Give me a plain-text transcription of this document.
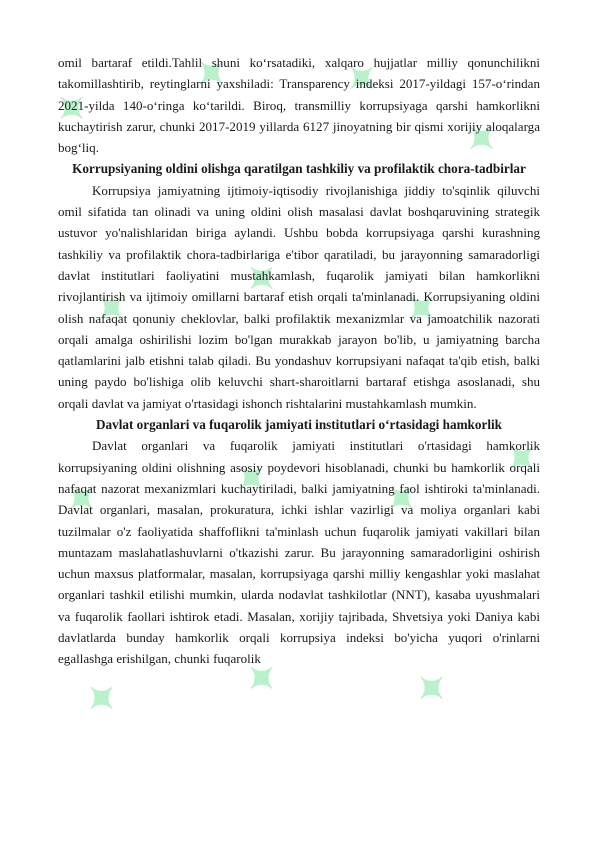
✦
✦ ✦
✦
✦
✦
✦
✦	✦ ✦
✦
✦	✦	✦

omil bartaraf etildi.Tahlil shuni ko‘rsatadiki, xalqaro hujjatlar milliy qonunchilikni takomillashtirib, reytinglarni yaxshiladi: Transparency indeksi 2017-yildagi 157-o‘rindan 2021-yilda 140-o‘ringa ko‘tarildi. Biroq, transmilliy korrupsiyaga qarshi hamkorlikni kuchaytirish zarur, chunki 2017-2019 yillarda 6127 jinoyatning bir qismi xorijiy aloqalarga bog‘liq.

Korrupsiyaning oldini olishga qaratilgan tashkiliy va profilaktik chora-tadbirlar

Korrupsiya jamiyatning ijtimoiy-iqtisodiy rivojlanishiga jiddiy to'sqinlik qiluvchi omil sifatida tan olinadi va uning oldini olish masalasi davlat boshqaruvining strategik ustuvor yo'nalishlaridan biriga aylandi. Ushbu bobda korrupsiyaga qarshi kurashning tashkiliy va profilaktik chora-tadbirlariga e'tibor qaratiladi, bu jarayonning samaradorligi davlat institutlari faoliyatini mustahkamlash, fuqarolik jamiyati bilan hamkorlikni rivojlantirish va ijtimoiy omillarni bartaraf etish orqali ta'minlanadi. Korrupsiyaning oldini olish nafaqat qonuniy cheklovlar, balki profilaktik mexanizmlar va jamoatchilik nazorati orqali amalga oshirilishi lozim bo'lgan murakkab jarayon bo'lib, u jamiyatning barcha qatlamlarini jalb etishni talab qiladi. Bu yondashuv korrupsiyani nafaqat ta'qib etish, balki uning paydo bo'lishiga olib keluvchi shart-sharoitlarni bartaraf etishga asoslanadi, shu orqali davlat va jamiyat o'rtasidagi ishonch rishtalarini mustahkamlash mumkin.

Davlat organlari va fuqarolik jamiyati institutlari o‘rtasidagi hamkorlik

Davlat organlari va fuqarolik jamiyati institutlari o'rtasidagi hamkorlik korrupsiyaning oldini olishning asosiy poydevori hisoblanadi, chunki bu hamkorlik orqali nafaqat nazorat mexanizmlari kuchaytiriladi, balki jamiyatning faol ishtiroki ta'minlanadi. Davlat organlari, masalan, prokuratura, ichki ishlar vazirligi va moliya organlari kabi tuzilmalar o'z faoliyatida shaffoflikni ta'minlash uchun fuqarolik jamiyati vakillari bilan muntazam maslahatlashuvlarni o'tkazishi zarur. Bu jarayonning samaradorligini oshirish uchun maxsus platformalar, masalan, korrupsiyaga qarshi milliy kengashlar yoki maslahat organlari tashkil etilishi mumkin, ularda nodavlat tashkilotlar (NNT), kasaba uyushmalari va fuqarolik faollari ishtirok etadi. Masalan, xorijiy tajribada, Shvetsiya yoki Daniya kabi davlatlarda bunday hamkorlik orqali korrupsiya indeksi bo'yicha yuqori o'rinlarni egallashga erishilgan, chunki fuqarolik
